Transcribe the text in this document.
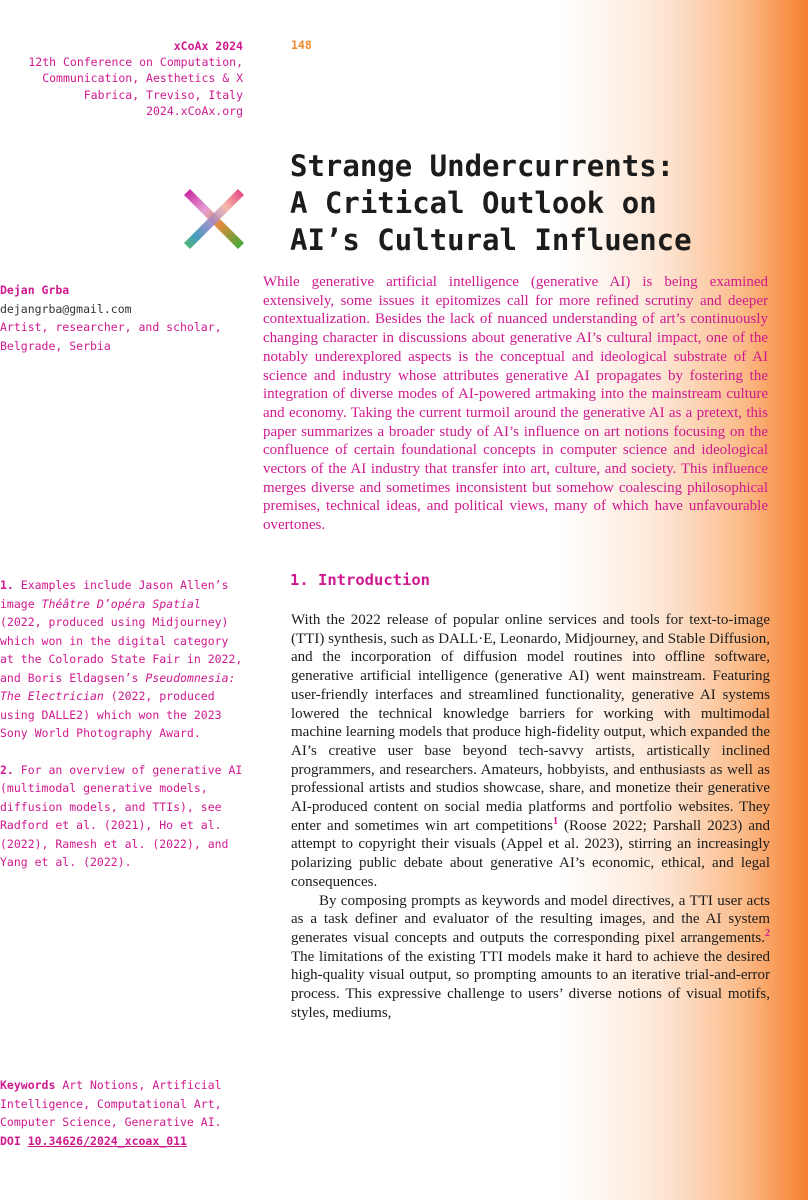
xCoAx 2024
12th Conference on Computation,
Communication, Aesthetics & X
Fabrica, Treviso, Italy
2024.xCoAx.org
148
Strange Undercurrents:
A Critical Outlook on
AI’s Cultural Influence
Dejan Grba
dejangrba@gmail.com
Artist, researcher, and scholar, Belgrade, Serbia

While generative artificial intelligence (generative AI) is being examined extensively, some issues it epitomizes call for more refined scrutiny and deeper contextualization. Besides the lack of nuanced understanding of art’s continuously changing character in discussions about generative AI’s cultural impact, one of the notably underexplored aspects is the conceptual and ideological substrate of AI science and industry whose attributes generative AI propagates by fostering the integration of diverse modes of AI-powered artmaking into the mainstream culture and economy. Taking the current turmoil around the generative AI as a pretext, this paper summarizes a broader study of AI’s influence on art notions focusing on the confluence of certain foundational concepts in computer science and ideological vectors of the AI industry that transfer into art, culture, and society. This influence merges diverse and sometimes inconsistent but somehow coalescing philosophical premises, technical ideas, and political views, many of which have unfavourable overtones.

1. Examples include Jason Allen’s image Théâtre D’opéra Spatial (2022, produced using Midjourney) which won in the digital category at the Colorado State Fair in 2022, and Boris Eldagsen’s Pseudomnesia: The Electrician (2022, produced using DALLE2) which won the 2023 Sony World Photography Award.

2. For an overview of generative AI (multimodal generative models, diffusion models, and TTIs), see Radford et al. (2021), Ho et al. (2022), Ramesh et al. (2022), and Yang et al. (2022).

1. Introduction

With the 2022 release of popular online services and tools for text-to-image (TTI) synthesis, such as DALL·E, Leonardo, Midjourney, and Stable Diffusion, and the incorporation of diffusion model routines into offline software, generative artificial intelligence (generative AI) went mainstream. Featuring user-friendly interfaces and streamlined functionality, generative AI systems lowered the technical knowledge barriers for working with multimodal machine learning models that produce high-fidelity output, which expanded the AI’s creative user base beyond tech-savvy artists, artistically inclined programmers, and researchers. Amateurs, hobbyists, and enthusiasts as well as professional artists and studios showcase, share, and monetize their generative AI-produced content on social media platforms and portfolio websites. They enter and sometimes win art competitions$^1$ (Roose 2022; Parshall 2023) and attempt to copyright their visuals (Appel et al. 2023), stirring an increasingly polarizing public debate about generative AI’s economic, ethical, and legal consequences.

By composing prompts as keywords and model directives, a TTI user acts as a task definer and evaluator of the resulting images, and the AI system generates visual concepts and outputs the corresponding pixel arrangements.$^2$ The limitations of the existing TTI models make it hard to achieve the desired high-quality visual output, so prompting amounts to an iterative trial-and-error process. This expressive challenge to users’ diverse notions of visual motifs, styles, mediums,

Keywords Art Notions, Artificial Intelligence, Computational Art, Computer Science, Generative AI.
DOI 10.34626/2024_xcoax_011
